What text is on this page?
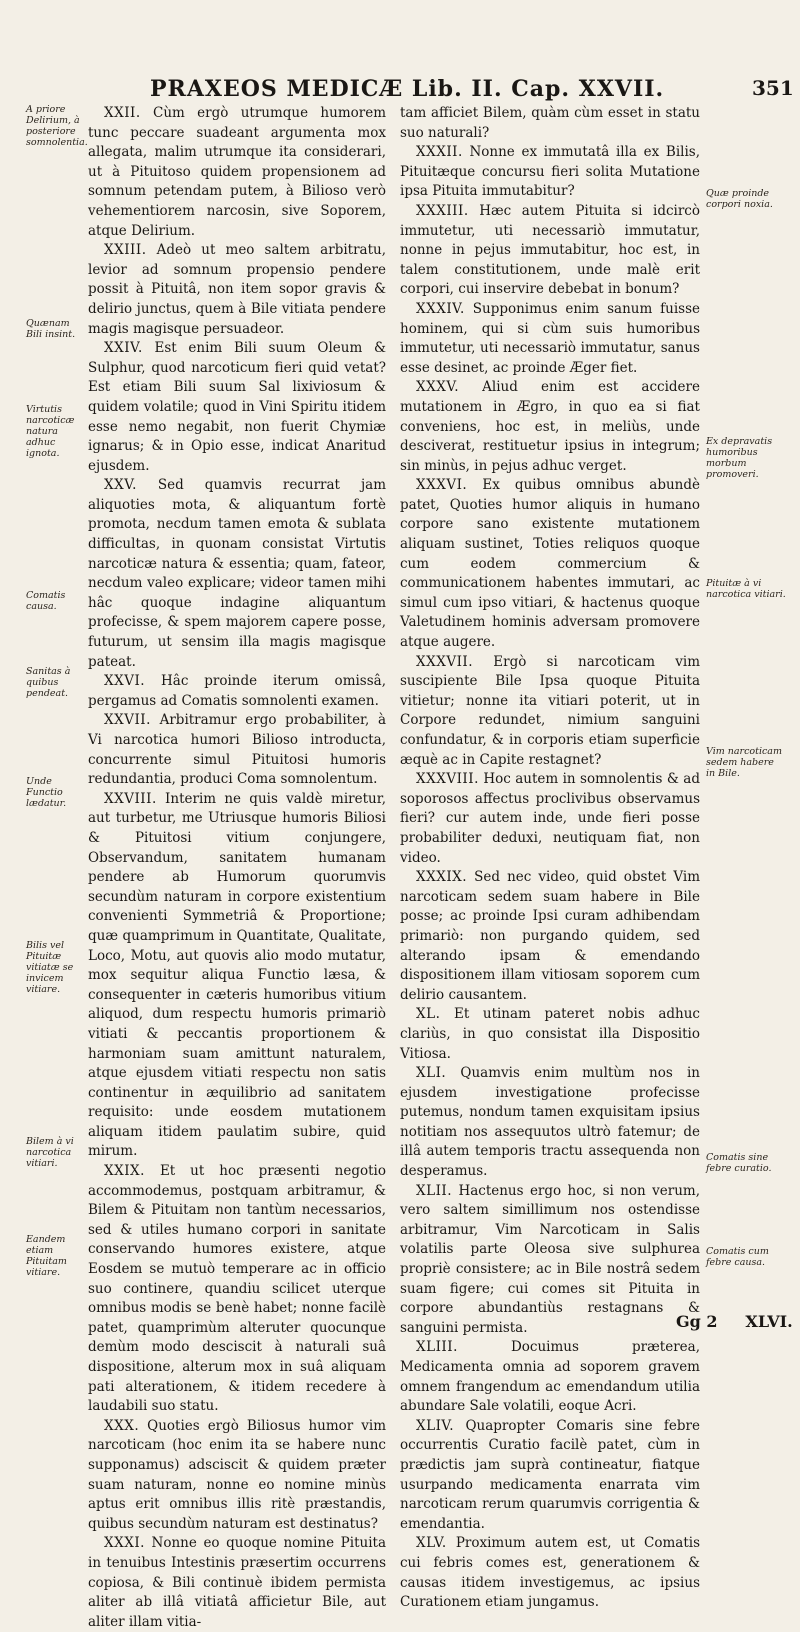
PRAXEOS MEDICÆ Lib. II. Cap. XXVII.	351

XXII. Cùm ergò utrumque humorem tunc peccare suadeant argumenta mox allegata, malim utrumque ita considerari, ut à Pituitoso quidem propensionem ad somnum petendam putem, à Bilioso verò vehementiorem narcosin, sive Soporem, atque Delirium.

XXIII. Adeò ut meo saltem arbitratu, levior ad somnum propensio pendere possit à Pituitâ, non item sopor gravis & delirio junctus, quem à Bile vitiata pendere magis magisque persuadeor.

XXIV. Est enim Bili suum Oleum & Sulphur, quod narcoticum fieri quid vetat? Est etiam Bili suum Sal lixiviosum & quidem volatile; quod in Vini Spiritu itidem esse nemo negabit, non fuerit Chymiæ ignarus; & in Opio esse, indicat Anaritud ejusdem.

XXV. Sed quamvis recurrat jam aliquoties mota, & aliquantum fortè promota, necdum tamen emota & sublata difficultas, in quonam consistat Virtutis narcoticæ natura & essentia; quam, fateor, necdum valeo explicare; videor tamen mihi hâc quoque indagine aliquantum profecisse, & spem majorem capere posse, futurum, ut sensim illa magis magisque pateat.

XXVI. Hâc proinde iterum omissâ, pergamus ad Comatis somnolenti examen.

XXVII. Arbitramur ergo probabiliter, à Vi narcotica humori Bilioso introducta, concurrente simul Pituitosi humoris redundantia, produci Coma somnolentum.

XXVIII. Interim ne quis valdè miretur, aut turbetur, me Utriusque humoris Biliosi & Pituitosi vitium conjungere, Observandum, sanitatem humanam pendere ab Humorum quorumvis secundùm naturam in corpore existentium convenienti Symmetriâ & Proportione; quæ quamprimum in Quantitate, Qualitate, Loco, Motu, aut quovis alio modo mutatur, mox sequitur aliqua Functio læsa, & consequenter in cæteris humoribus vitium aliquod, dum respectu humoris primariò vitiati & peccantis proportionem & harmoniam suam amittunt naturalem, atque ejusdem vitiati respectu non satis continentur in æquilibrio ad sanitatem requisito: unde eosdem mutationem aliquam itidem paulatim subire, quid mirum.

XXIX. Et ut hoc præsenti negotio accommodemus, postquam arbitramur, & Bilem & Pituitam non tantùm necessarios, sed & utiles humano corpori in sanitate conservando humores existere, atque Eosdem se mutuò temperare ac in officio suo continere, quandiu scilicet uterque omnibus modis se benè habet; nonne facilè patet, quamprimùm alteruter quocunque demùm modo desciscit à naturali suâ dispositione, alterum mox in suâ aliquam pati alterationem, & itidem recedere à laudabili suo statu.

XXX. Quoties ergò Biliosus humor vim narcoticam (hoc enim ita se habere nunc supponamus) adsciscit & quidem præter suam naturam, nonne eo nomine minùs aptus erit omnibus illis ritè præstandis, quibus secundùm naturam est destinatus?

XXXI. Nonne eo quoque nomine Pituita in tenuibus Intestinis præsertim occurrens copiosa, & Bili continuè ibidem permista aliter ab illâ vitiatâ afficietur Bile, aut aliter illam vitia-

tam afficiet Bilem, quàm cùm esset in statu suo naturali?

XXXII. Nonne ex immutatâ illa ex Bilis, Pituitæque concursu fieri solita Mutatione ipsa Pituita immutabitur?

XXXIII. Hæc autem Pituita si idcircò immutetur, uti necessariò immutatur, nonne in pejus immutabitur, hoc est, in talem constitutionem, unde malè erit corpori, cui inservire debebat in bonum?

XXXIV. Supponimus enim sanum fuisse hominem, qui si cùm suis humoribus immutetur, uti necessariò immutatur, sanus esse desinet, ac proinde Æger fiet.

XXXV. Aliud enim est accidere mutationem in Ægro, in quo ea si fiat conveniens, hoc est, in meliùs, unde desciverat, restituetur ipsius in integrum; sin minùs, in pejus adhuc verget.

XXXVI. Ex quibus omnibus abundè patet, Quoties humor aliquis in humano corpore sano existente mutationem aliquam sustinet, Toties reliquos quoque cum eodem commercium & communicationem habentes immutari, ac simul cum ipso vitiari, & hactenus quoque Valetudinem hominis adversam promovere atque augere.

XXXVII. Ergò si narcoticam vim suscipiente Bile Ipsa quoque Pituita vitietur; nonne ita vitiari poterit, ut in Corpore redundet, nimium sanguini confundatur, & in corporis etiam superficie æquè ac in Capite restagnet?

XXXVIII. Hoc autem in somnolentis & ad soporosos affectus proclivibus observamus fieri? cur autem inde, unde fieri posse probabiliter deduxi, neutiquam fiat, non video.

XXXIX. Sed nec video, quid obstet Vim narcoticam sedem suam habere in Bile posse; ac proinde Ipsi curam adhibendam primariò: non purgando quidem, sed alterando ipsam & emendando dispositionem illam vitiosam soporem cum delirio causantem.

XL. Et utinam pateret nobis adhuc clariùs, in quo consistat illa Dispositio Vitiosa.

XLI. Quamvis enim multùm nos in ejusdem investigatione profecisse putemus, nondum tamen exquisitam ipsius notitiam nos assequutos ultrò fatemur; de illâ autem temporis tractu assequenda non desperamus.

XLII. Hactenus ergo hoc, si non verum, vero saltem simillimum nos ostendisse arbitramur, Vim Narcoticam in Salis volatilis parte Oleosa sive sulphurea propriè consistere; ac in Bile nostrâ sedem suam figere; cui comes sit Pituita in corpore abundantiùs restagnans & sanguini permista.

XLIII.	Docuimus præterea, Medicamenta omnia ad soporem gravem omnem frangendum ac emendandum utilia abundare Sale volatili, eoque Acri.

XLIV. Quapropter Comaris sine febre occurrentis Curatio facilè patet, cùm in prædictis jam suprà contineatur, fiatque usurpando medicamenta enarrata vim narcoticam rerum quarumvis corrigentia & emendantia.

XLV. Proximum autem est, ut Comatis cui febris comes est, generationem & causas itidem investigemus, ac ipsius Curationem etiam jungamus.

A priore Delirium, à posteriore somnolentia.
Quænam Bili insint.
Virtutis narcoticæ natura adhuc ignota.
Comatis causa.
Sanitas à quibus pendeat.
Unde Functio lædatur.
Bilis vel Pituitæ vitiatæ se invicem vitiare.
Bilem à vi narcotica vitiari.
Eandem etiam Pituitam vitiare.
Quæ proinde corpori noxia.
Ex depravatis humoribus morbum promoveri.
Pituitæ à vi narcotica vitiari.
Vim narcoticam sedem habere in Bile.
Comatis sine febre curatio.
Comatis cum febre causa.
Gg 2 XLVI.
